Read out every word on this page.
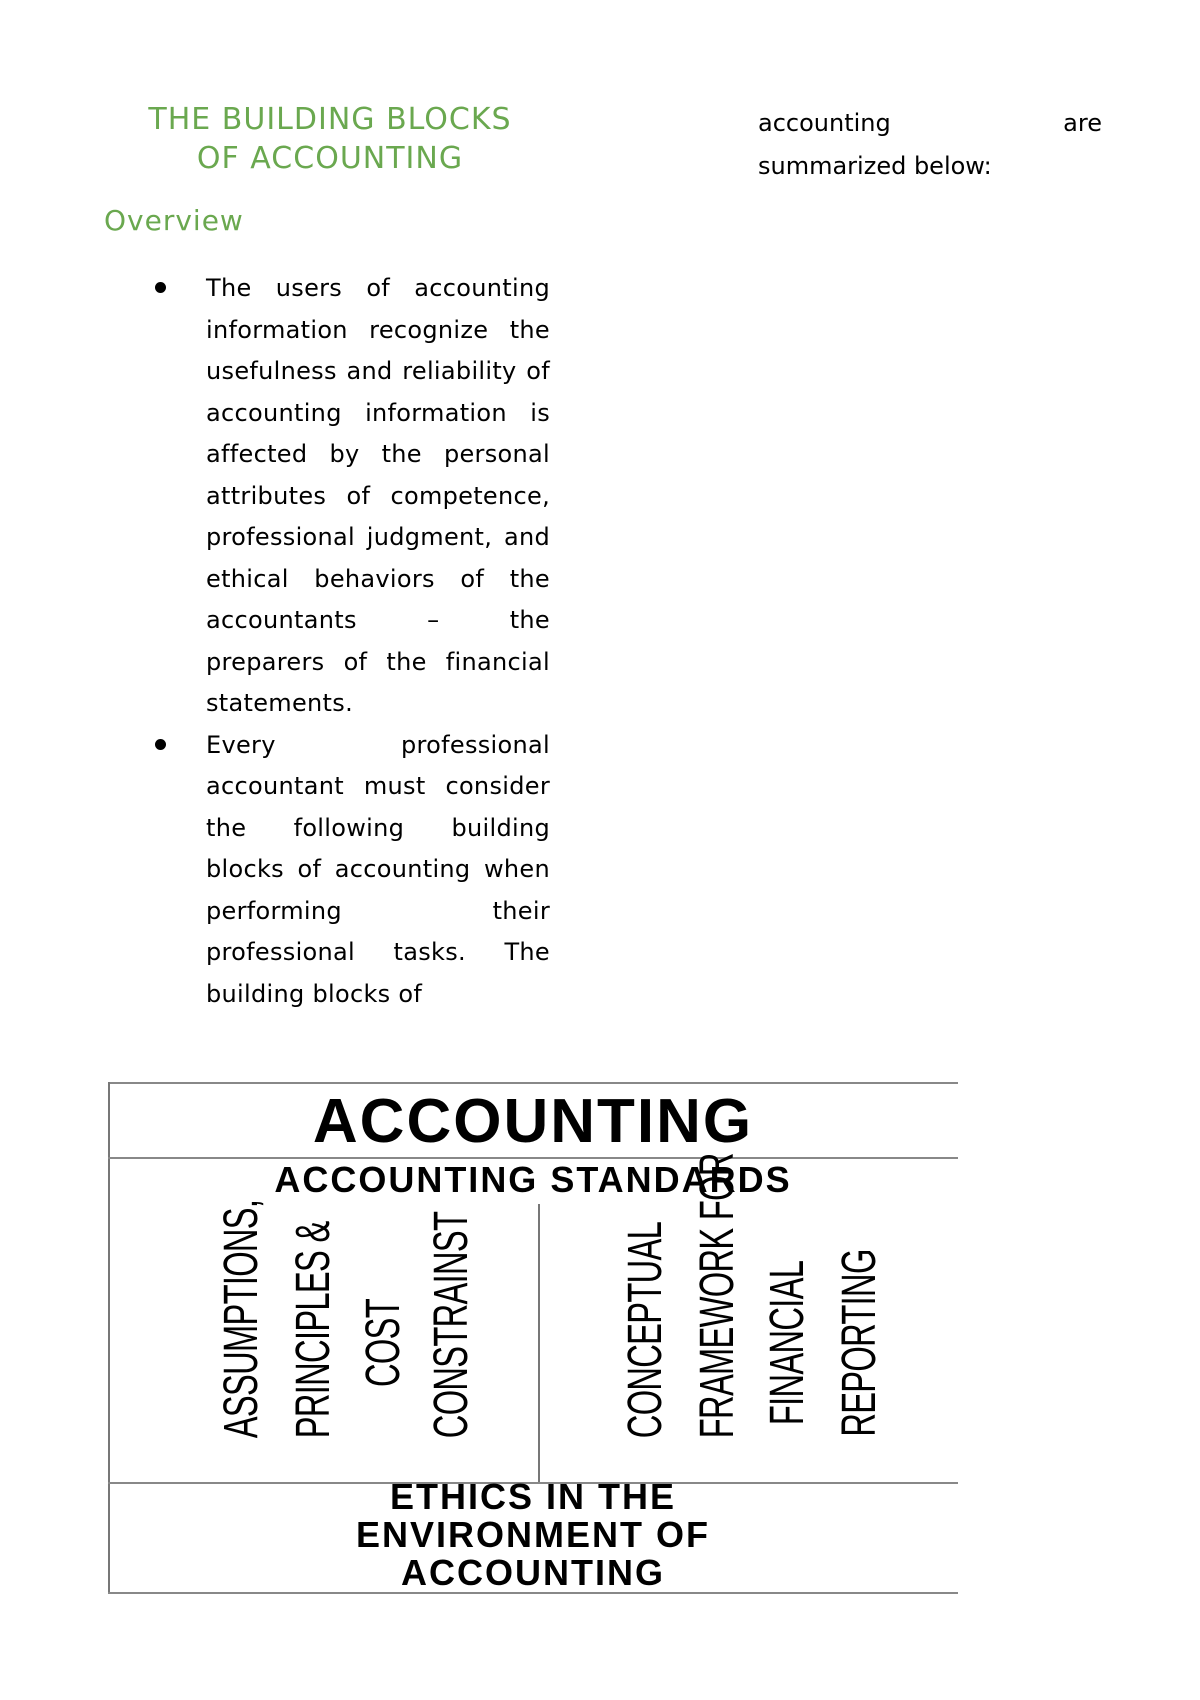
THE BUILDING BLOCKS
OF ACCOUNTING
Overview

The users of accounting information recognize the usefulness and reliability of accounting information is affected by the personal attributes of competence, professional judgment, and ethical behaviors of the accountants – the preparers of the financial statements.

Every professional accountant must consider the following building blocks of accounting when performing their professional tasks. The building blocks of

accounting are
summarized below:
ACCOUNTING
ACCOUNTING STANDARDS
ASSUMPTIONS, PRINCIPLES & COST CONSTRAINST	CONCEPTUAL FRAMEWORK FOR FINANCIAL REPORTING
ETHICS IN THE
ENVIRONMENT OF
ACCOUNTING
